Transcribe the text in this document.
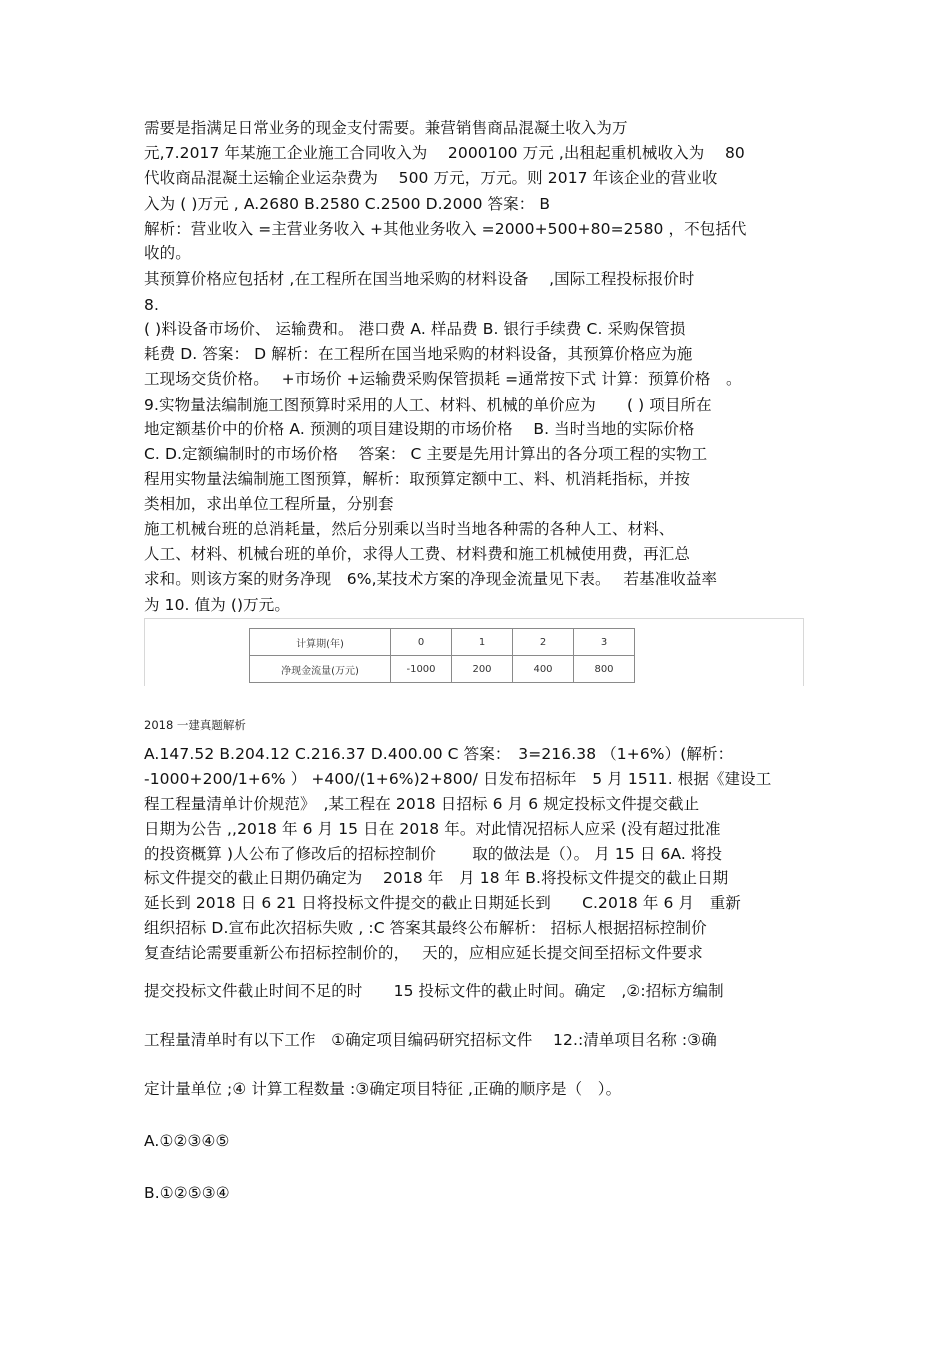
需要是指满足日常业务的现金支付需要。兼营销售商品混凝土收入为万
元,7.2017 年某施工企业施工合同收入为　 2000100 万元 ,出租起重机械收入为　 80
代收商品混凝土运输企业运杂费为　 500 万元，万元。则 2017 年该企业的营业收
入为 ( )万元 , A.2680 B.2580 C.2500 D.2000 答案： B
解析：营业收入 =主营业务收入 +其他业务收入 =2000+500+80=2580 ，不包括代
收的。
其预算价格应包括材 ,在工程所在国当地采购的材料设备　 ,国际工程投标报价时
8.
( )料设备市场价、 运输费和。 港口费 A. 样品费 B. 银行手续费 C. 采购保管损
耗费 D. 答案： D 解析：在工程所在国当地采购的材料设备，其预算价格应为施
工现场交货价格。　 +市场价 +运输费采购保管损耗 =通常按下式 计算：预算价格　。
9.实物量法编制施工图预算时采用的人工、材料、机械的单价应为　　( ) 项目所在
地定额基价中的价格 A. 预测的项目建设期的市场价格　 B. 当时当地的实际价格
C. D.定额编制时的市场价格　 答案： C 主要是先用计算出的各分项工程的实物工
程用实物量法编制施工图预算，解析：取预算定额中工、料、机消耗指标，并按
类相加，求出单位工程所量，分别套
施工机械台班的总消耗量，然后分别乘以当时当地各种需的各种人工、材料、
人工、材料、机械台班的单价，求得人工费、材料费和施工机械使用费，再汇总
求和。则该方案的财务净现　6%,某技术方案的净现金流量见下表。　 若基准收益率
为 10. 值为 ()万元。
计算期(年)	0	1	2	3
净现金流量(万元)	-1000	200	400	800
2018 一建真题解析
A.147.52 B.204.12 C.216.37 D.400.00 C 答案：　3=216.38 （1+6%）(解析：
-1000+200/1+6% ） +400/(1+6%)2+800/ 日发布招标年　5 月 1511. 根据《建设工
程工程量清单计价规范》　,某工程在 2018 日招标 6 月 6 规定投标文件提交截止
日期为公告 ,,2018 年 6 月 15 日在 2018 年。对此情况招标人应采 (没有超过批准
的投资概算 )人公布了修改后的招标控制价　　 取的做法是（）。 月 15 日 6A. 将投
标文件提交的截止日期仍确定为　 2018 年　月 18 年 B.将投标文件提交的截止日期
延长到 2018 日 6 21 日将投标文件提交的截止日期延长到　　C.2018 年 6 月　重新
组织招标 D.宣布此次招标失败 , :C 答案其最终公布解析： 招标人根据招标控制价
复查结论需要重新公布招标控制价的，　 天的，应相应延长提交间至招标文件要求
提交投标文件截止时间不足的时　　15 投标文件的截止时间。确定　,②:招标方编制
工程量清单时有以下工作　①确定项目编码研究招标文件　 12.:清单项目名称 :③确
定计量单位 ;④ 计算工程数量 :③确定项目特征 ,正确的顺序是（　）。
A.①②③④⑤
B.①②⑤③④
